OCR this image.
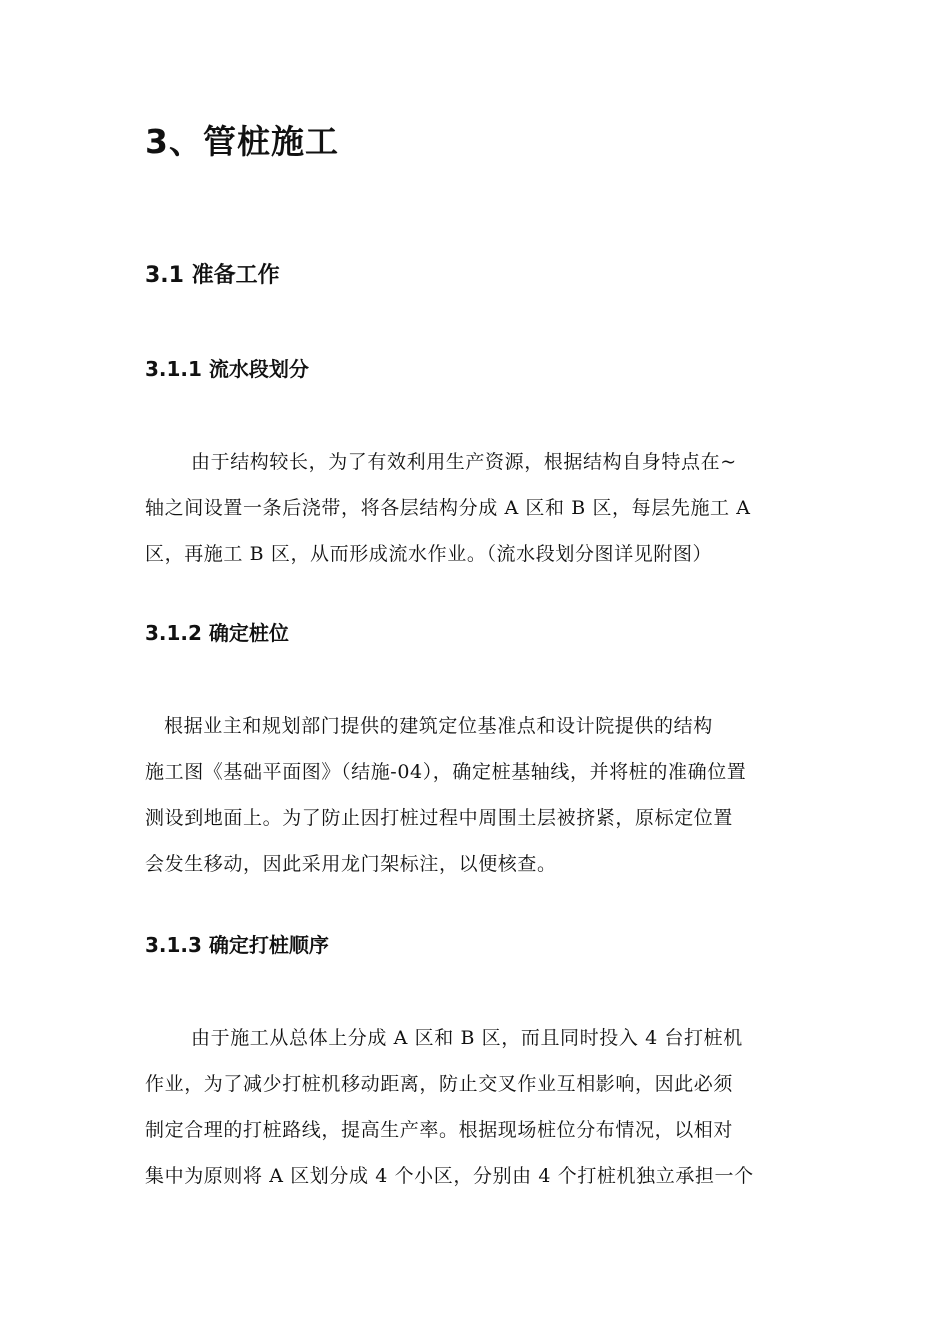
3、管桩施工
3.1 准备工作
3.1.1 流水段划分
由于结构较长，为了有效利用生产资源，根据结构自身特点在~
轴之间设置一条后浇带，将各层结构分成 A 区和 B 区，每层先施工 A
区，再施工 B 区，从而形成流水作业。（流水段划分图详见附图）
3.1.2 确定桩位
根据业主和规划部门提供的建筑定位基准点和设计院提供的结构
施工图《基础平面图》（结施-04），确定桩基轴线，并将桩的准确位置
测设到地面上。为了防止因打桩过程中周围土层被挤紧，原标定位置
会发生移动，因此采用龙门架标注，以便核查。
3.1.3 确定打桩顺序
由于施工从总体上分成 A 区和 B 区，而且同时投入 4 台打桩机
作业，为了减少打桩机移动距离，防止交叉作业互相影响，因此必须
制定合理的打桩路线，提高生产率。根据现场桩位分布情况，以相对
集中为原则将 A 区划分成 4 个小区，分别由 4 个打桩机独立承担一个
